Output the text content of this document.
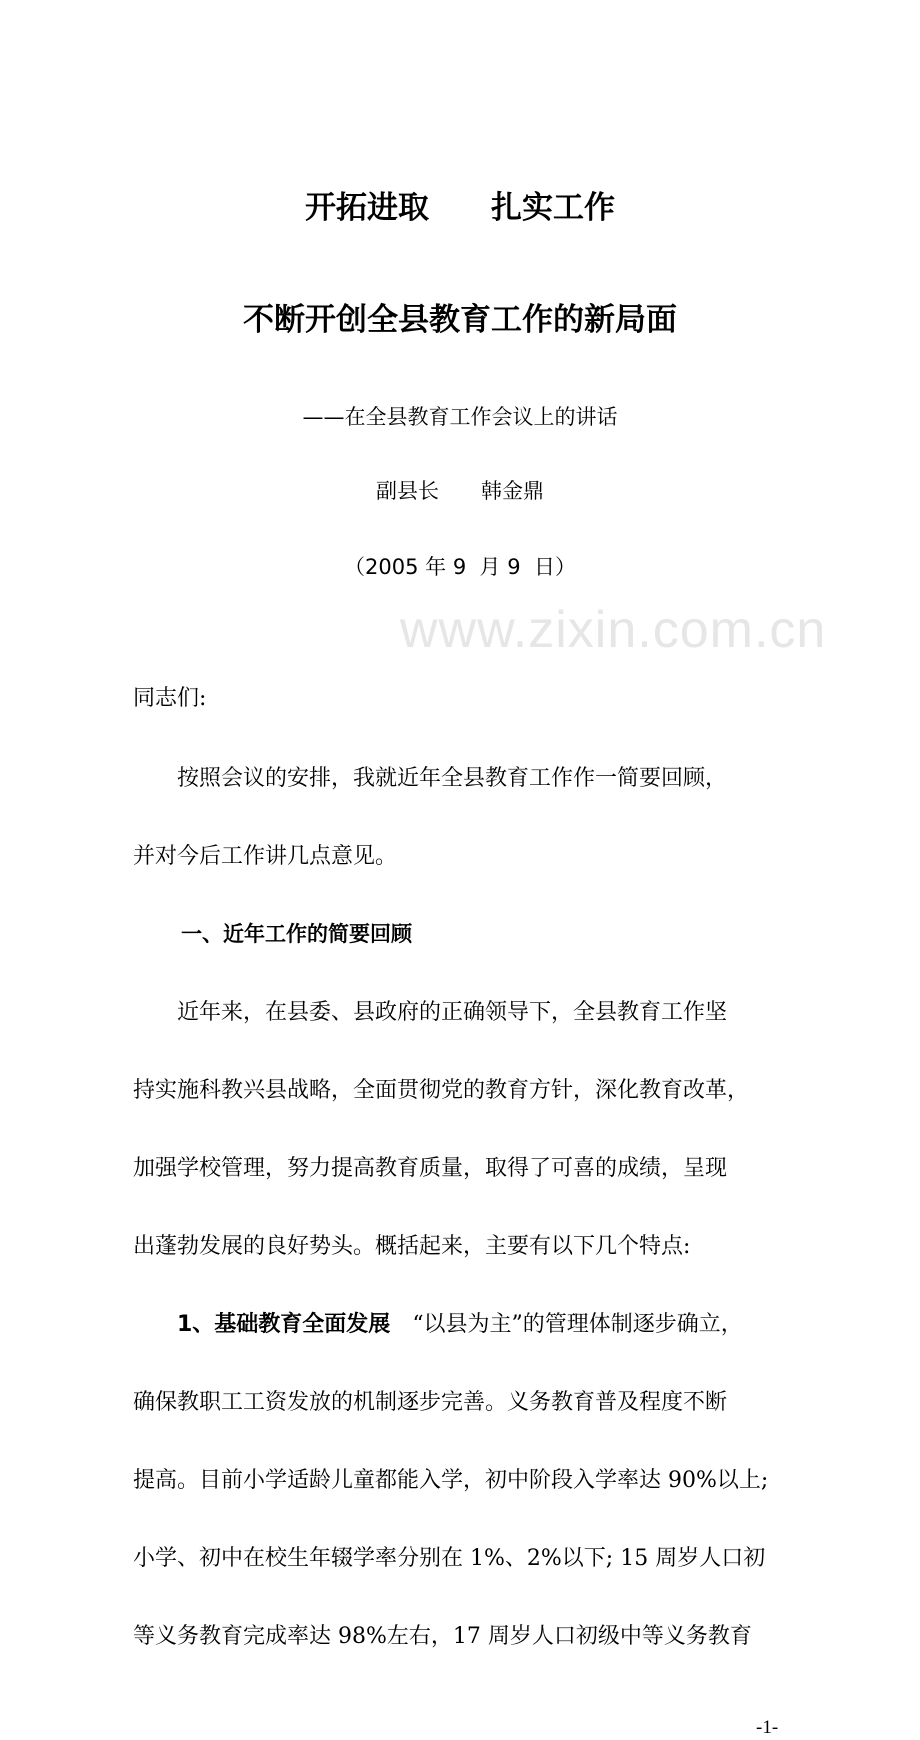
www.zixin.com.cn
开拓进取　　扎实工作
不断开创全县教育工作的新局面
——在全县教育工作会议上的讲话
副县长　　韩金鼎
（2005 年 9  月 9  日）
同志们:
　　按照会议的安排，我就近年全县教育工作作一简要回顾，
并对今后工作讲几点意见。
一、近年工作的简要回顾
　　近年来，在县委、县政府的正确领导下，全县教育工作坚
持实施科教兴县战略，全面贯彻党的教育方针，深化教育改革，
加强学校管理，努力提高教育质量，取得了可喜的成绩，呈现
出蓬勃发展的良好势头。概括起来，主要有以下几个特点:
　　1、基础教育全面发展　“以县为主”的管理体制逐步确立，
确保教职工工资发放的机制逐步完善。义务教育普及程度不断
提高。目前小学适龄儿童都能入学，初中阶段入学率达 90%以上;
小学、初中在校生年辍学率分别在 1%、2%以下; 15 周岁人口初
等义务教育完成率达 98%左右，17 周岁人口初级中等义务教育
-1-
